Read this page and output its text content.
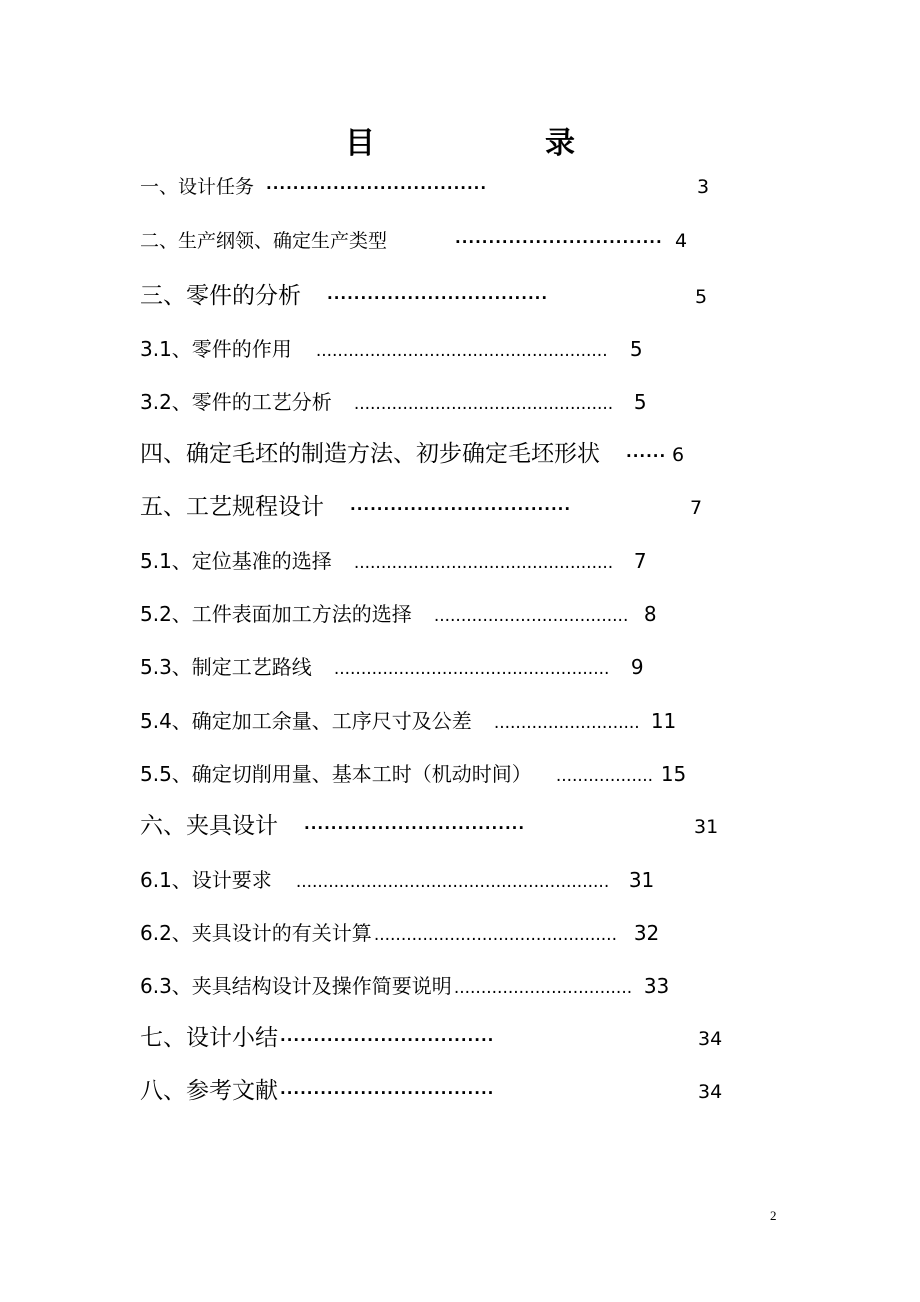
目　录
一、设计任务 ·································	3
二、生产纲领、确定生产类型	······························· 4
三、零件的分析 ·································	5
3.1、零件的作用 ......................................................	5
3.2、零件的工艺分析 ................................................	5
四、确定毛坯的制造方法、初步确定毛坯形状 ······ 6
五、工艺规程设计 ·································	7
5.1、定位基准的选择 ................................................	7
5.2、工件表面加工方法的选择 .................................... 8
5.3、制定工艺路线 ...................................................	9
5.4、确定加工余量、工序尺寸及公差 ........................... 11
5.5、确定切削用量、基本工时（机动时间） .................. 15
六、夹具设计 ·································	31
6.1、设计要求 .......................................................... 31
6.2、夹具设计的有关计算 ............................................. 32
6.3、夹具结构设计及操作简要说明 ................................. 33
七、设计小结 ································	34
八、参考文献 ································	34
2
